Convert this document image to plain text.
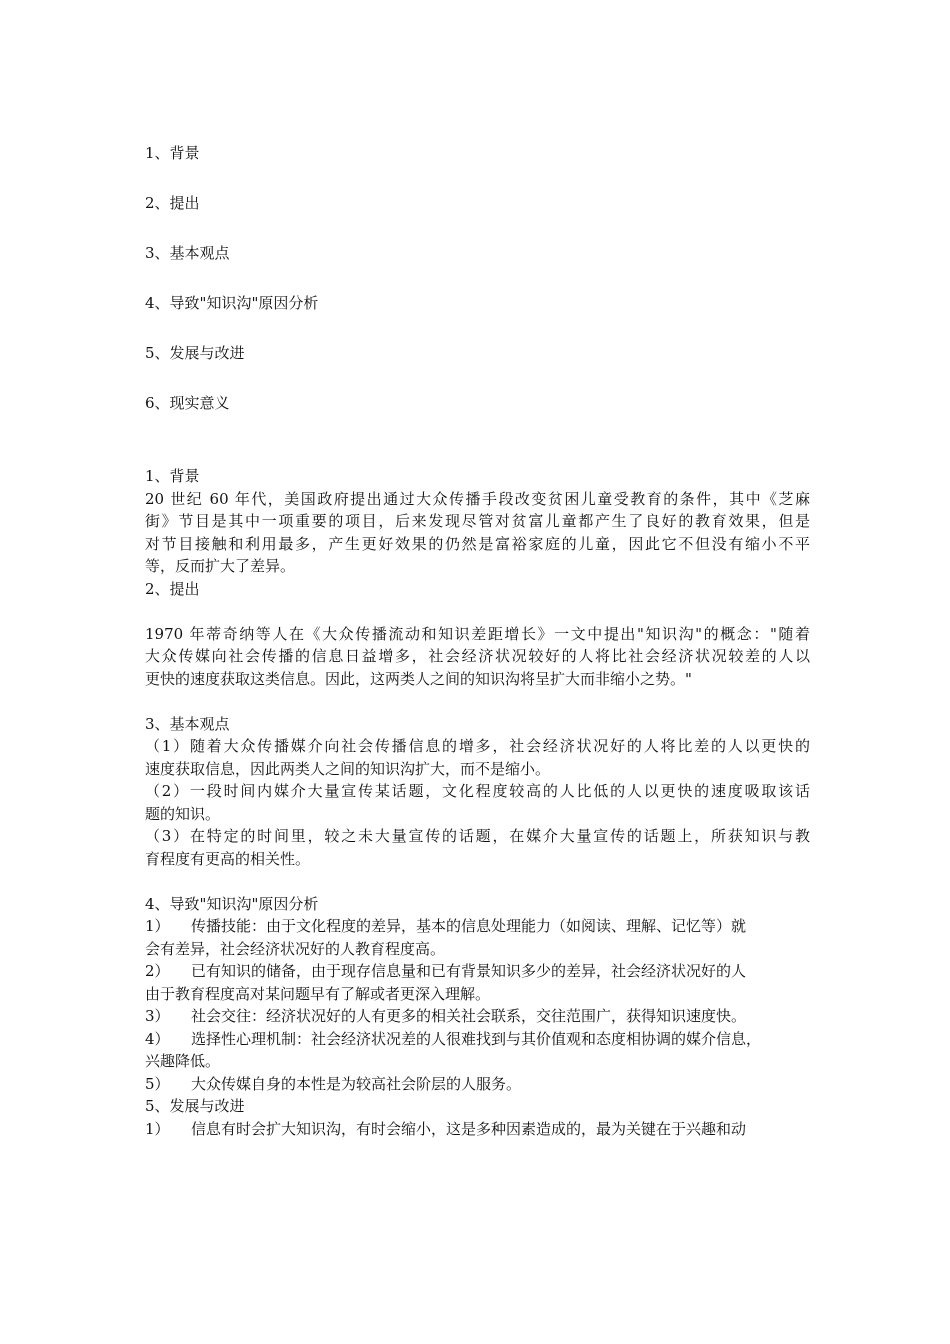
1、背景
2、提出
3、基本观点
4、导致"知识沟"原因分析
5、发展与改进
6、现实意义
1、背景
20 世纪 60 年代，美国政府提出通过大众传播手段改变贫困儿童受教育的条件，其中《芝麻
街》节目是其中一项重要的项目，后来发现尽管对贫富儿童都产生了良好的教育效果，但是
对节目接触和利用最多，产生更好效果的仍然是富裕家庭的儿童，因此它不但没有缩小不平
等，反而扩大了差异。
2、提出
1970 年蒂奇纳等人在《大众传播流动和知识差距增长》一文中提出"知识沟"的概念："随着
大众传媒向社会传播的信息日益增多，社会经济状况较好的人将比社会经济状况较差的人以
更快的速度获取这类信息。因此，这两类人之间的知识沟将呈扩大而非缩小之势。"
3、基本观点
（1）随着大众传播媒介向社会传播信息的增多，社会经济状况好的人将比差的人以更快的
速度获取信息，因此两类人之间的知识沟扩大，而不是缩小。
（2）一段时间内媒介大量宣传某话题，文化程度较高的人比低的人以更快的速度吸取该话
题的知识。
（3）在特定的时间里，较之未大量宣传的话题，在媒介大量宣传的话题上，所获知识与教
育程度有更高的相关性。
4、导致"知识沟"原因分析
1） 传播技能：由于文化程度的差异，基本的信息处理能力（如阅读、理解、记忆等）就
会有差异，社会经济状况好的人教育程度高。
2） 已有知识的储备，由于现存信息量和已有背景知识多少的差异，社会经济状况好的人
由于教育程度高对某问题早有了解或者更深入理解。
3） 社会交往：经济状况好的人有更多的相关社会联系，交往范围广，获得知识速度快。
4） 选择性心理机制：社会经济状况差的人很难找到与其价值观和态度相协调的媒介信息，
兴趣降低。
5） 大众传媒自身的本性是为较高社会阶层的人服务。
5、发展与改进
1） 信息有时会扩大知识沟，有时会缩小，这是多种因素造成的，最为关键在于兴趣和动
